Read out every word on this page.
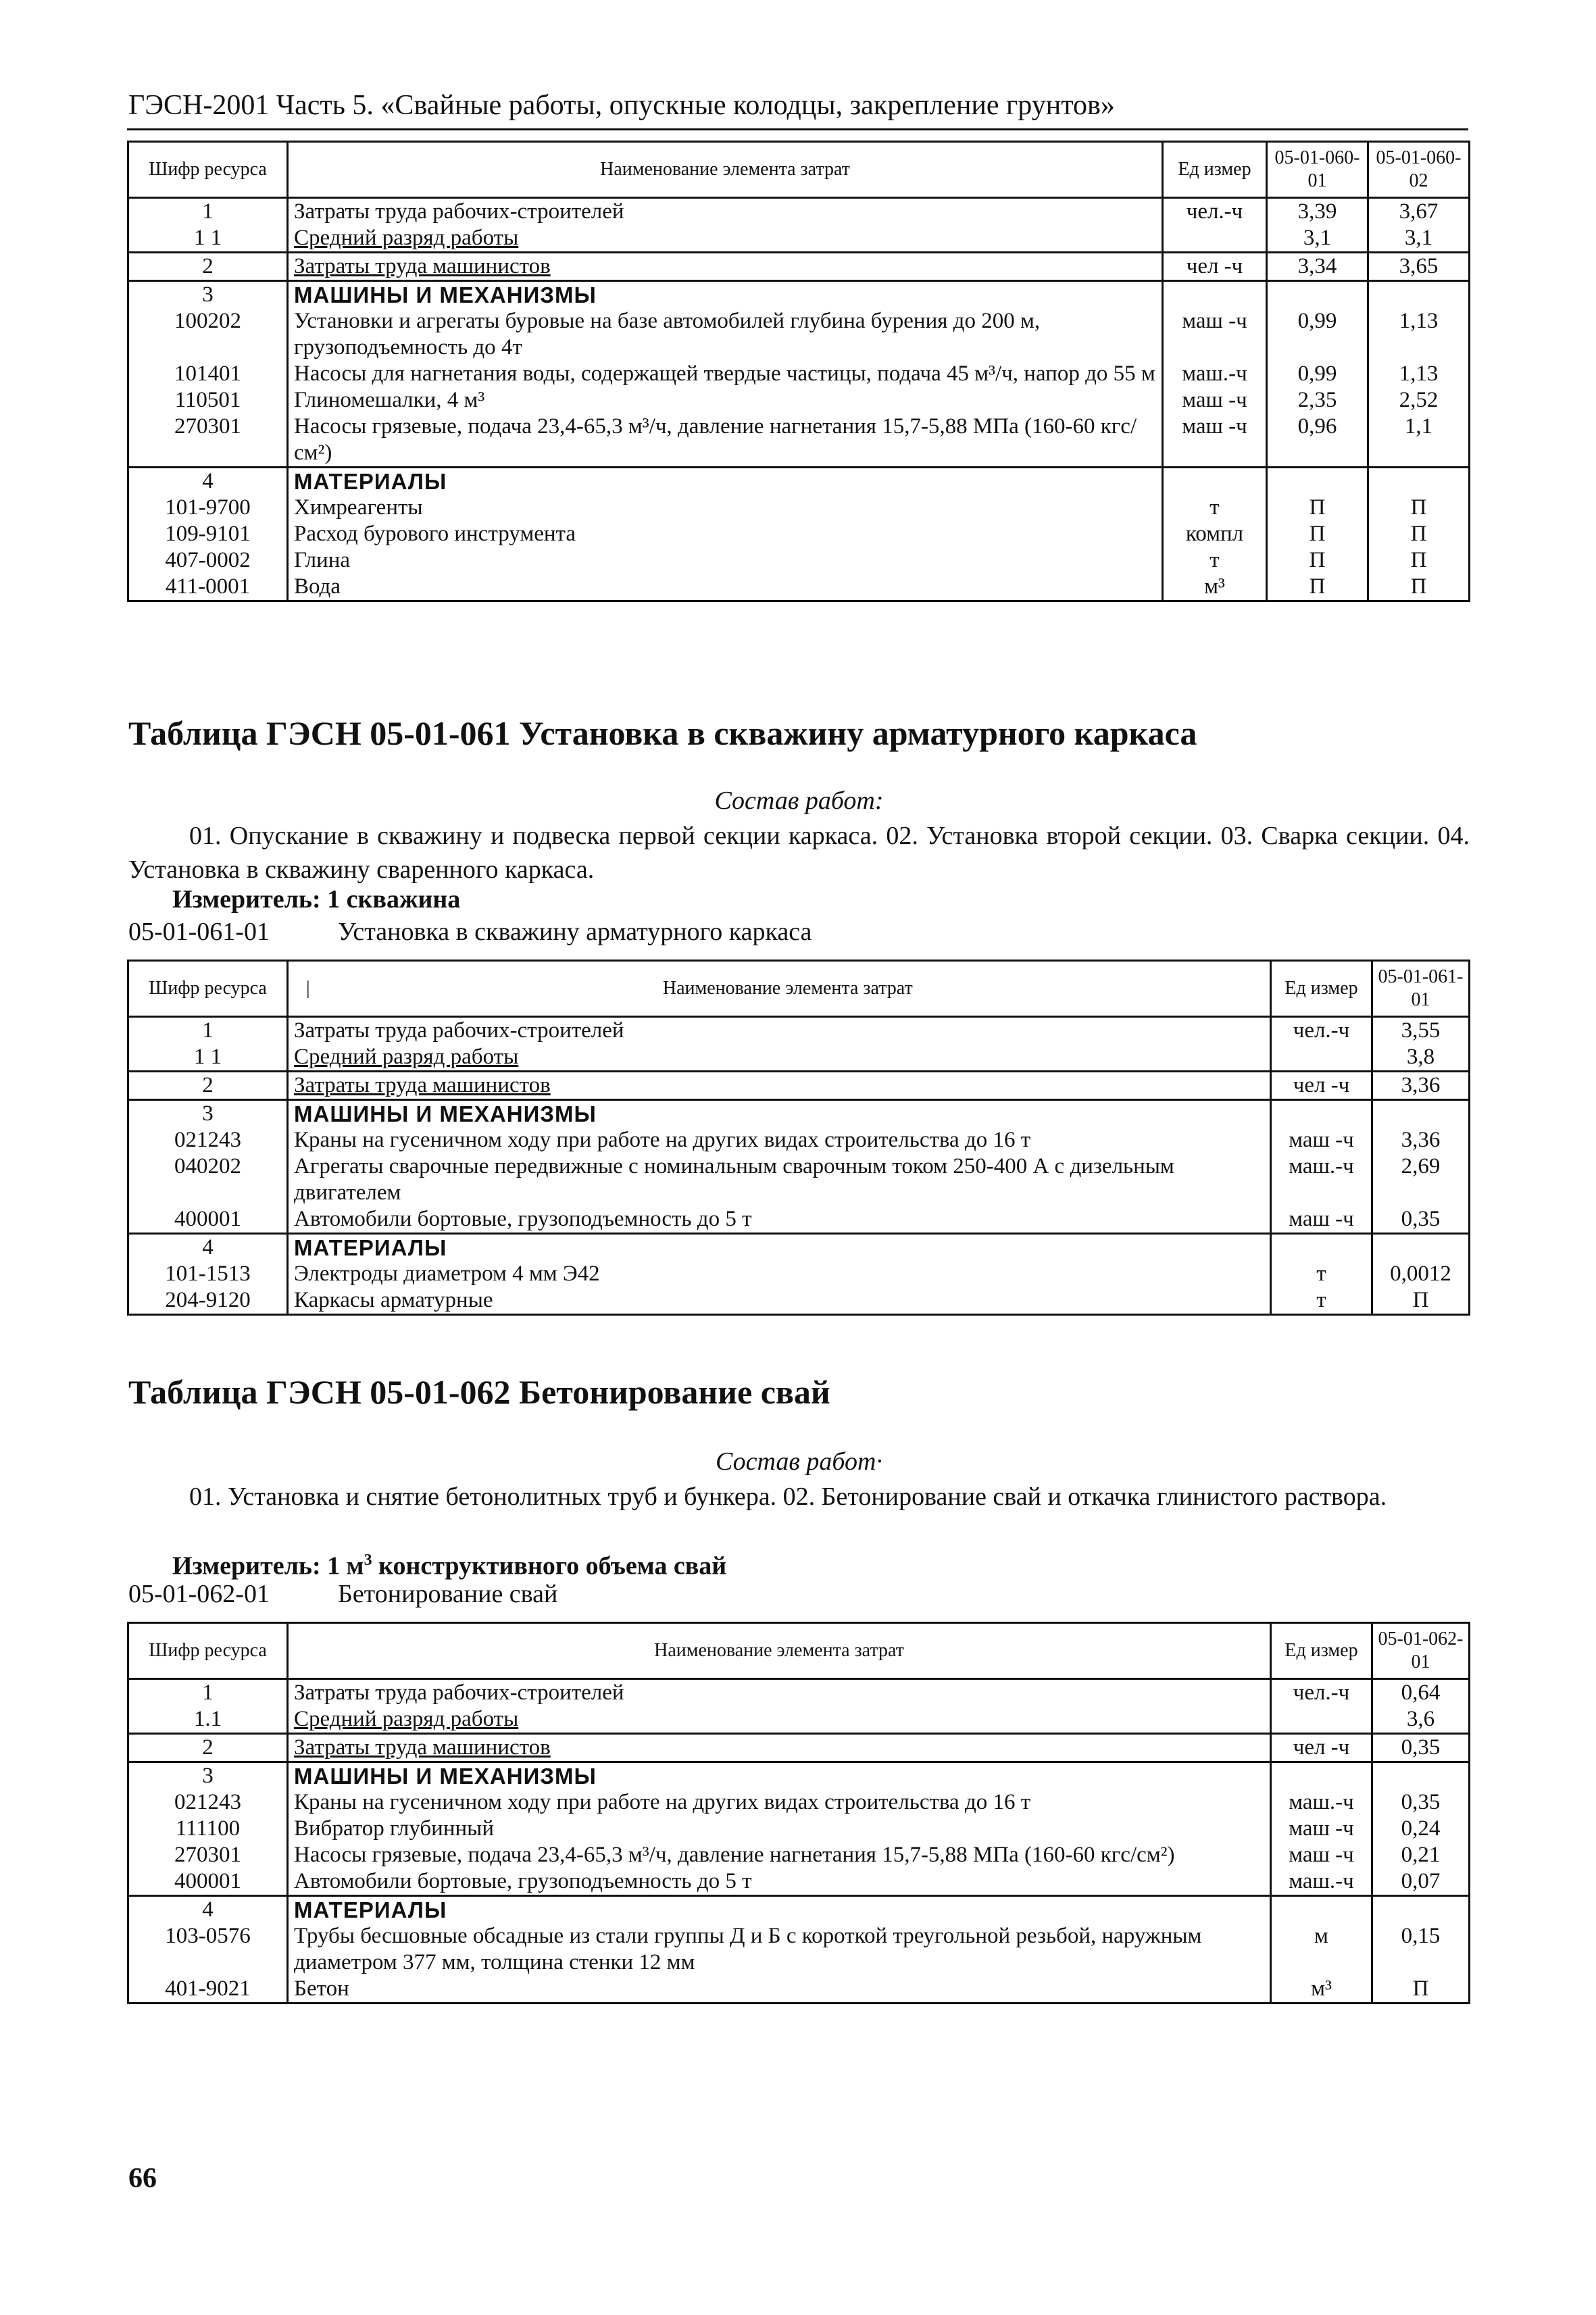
ГЭСН-2001 Часть 5. «Свайные работы, опускные колодцы, закрепление грунтов»
Шифр ресурса	Наименование элемента затрат	Ед измер	05-01-060-01	05-01-060-02
1	Затраты труда рабочих-строителей	чел.-ч	3,39	3,67
1 1	Средний разряд работы		3,1	3,1
2	Затраты труда машинистов	чел -ч	3,34	3,65
3	МАШИНЫ И МЕХАНИЗМЫ			
100202	Установки и агрегаты буровые на базе автомобилей глубина бурения до 200 м, грузоподъемность до 4т	маш -ч	0,99	1,13
101401	Насосы для нагнетания воды, содержащей твердые частицы, подача 45 м³/ч, напор до 55 м	маш.-ч	0,99	1,13
110501	Глиномешалки, 4 м³	маш -ч	2,35	2,52
270301	Насосы грязевые, подача 23,4-65,3 м³/ч, давление нагнетания 15,7-5,88 МПа (160-60 кгс/см²)	маш -ч	0,96	1,1
4	МАТЕРИАЛЫ			
101-9700	Химреагенты	т	П	П
109-9101	Расход бурового инструмента	компл	П	П
407-0002	Глина	т	П	П
411-0001	Вода	м³	П	П
Таблица ГЭСН 05-01-061 Установка в скважину арматурного каркаса
Состав работ:
01. Опускание в скважину и подвеска первой секции каркаса. 02. Установка второй секции. 03. Сварка секции. 04. Установка в скважину сваренного каркаса.
Измеритель: 1 скважина
05-01-061-01	Установка в скважину арматурного каркаса
Шифр ресурса	| Наименование элемента затрат	Ед измер	05-01-061-01
1	Затраты труда рабочих-строителей	чел.-ч	3,55
1 1	Средний разряд работы		3,8
2	Затраты труда машинистов	чел -ч	3,36
3	МАШИНЫ И МЕХАНИЗМЫ		
021243	Краны на гусеничном ходу при работе на других видах строительства до 16 т	маш -ч	3,36
040202	Агрегаты сварочные передвижные с номинальным сварочным током 250-400 А с дизельным двигателем	маш.-ч	2,69
400001	Автомобили бортовые, грузоподъемность до 5 т	маш -ч	0,35
4	МАТЕРИАЛЫ		
101-1513	Электроды диаметром 4 мм Э42	т	0,0012
204-9120	Каркасы арматурные	т	П
Таблица ГЭСН 05-01-062 Бетонирование свай
Состав работ·
01. Установка и снятие бетонолитных труб и бункера. 02. Бетонирование свай и откачка глинистого раствора.
Измеритель: 1 $м^3$ конструктивного объема свай
05-01-062-01	Бетонирование свай
Шифр ресурса	Наименование элемента затрат	Ед измер	05-01-062-01
1	Затраты труда рабочих-строителей	чел.-ч	0,64
1.1	Средний разряд работы		3,6
2	Затраты труда машинистов	чел -ч	0,35
3	МАШИНЫ И МЕХАНИЗМЫ		
021243	Краны на гусеничном ходу при работе на других видах строительства до 16 т	маш.-ч	0,35
111100	Вибратор глубинный	маш -ч	0,24
270301	Насосы грязевые, подача 23,4-65,3 м³/ч, давление нагнетания 15,7-5,88 МПа (160-60 кгс/см²)	маш -ч	0,21
400001	Автомобили бортовые, грузоподъемность до 5 т	маш.-ч	0,07
4	МАТЕРИАЛЫ		
103-0576	Трубы бесшовные обсадные из стали группы Д и Б с короткой треугольной резьбой, наружным диаметром 377 мм, толщина стенки 12 мм	м	0,15
401-9021	Бетон	м³	П
66
